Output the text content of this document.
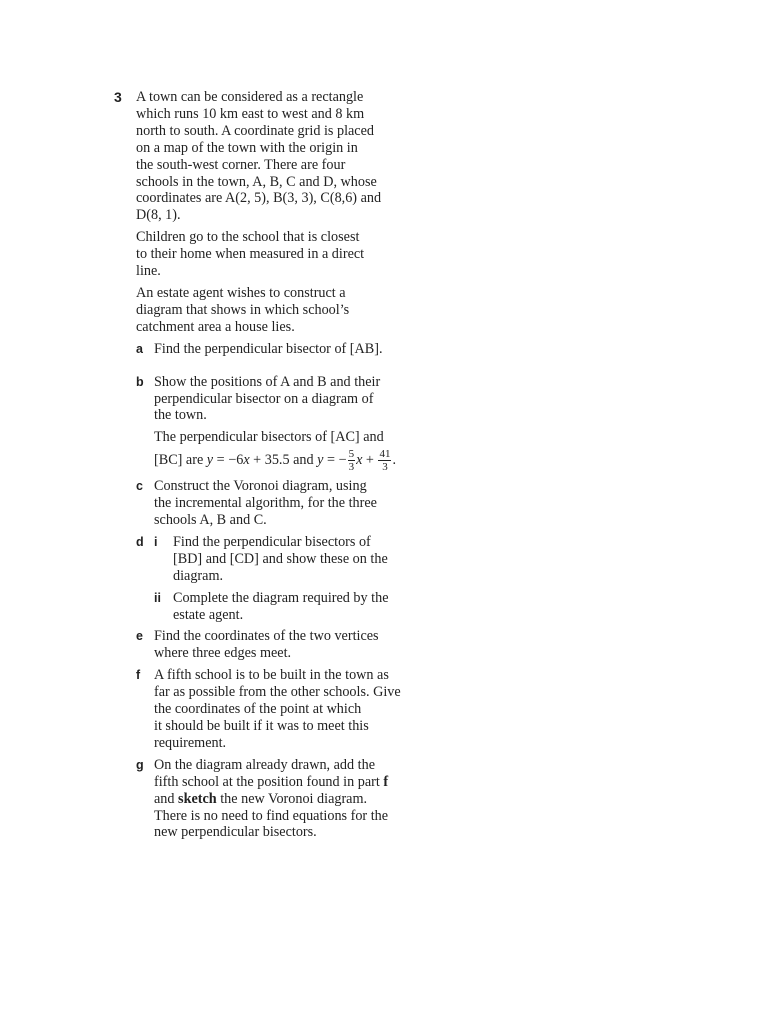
3 A town can be considered as a rectangle
which runs 10 km east to west and 8 km
north to south. A coordinate grid is placed
on a map of the town with the origin in
the south-west corner. There are four
schools in the town, A, B, C and D, whose
coordinates are A(2, 5), B(3, 3), C(8,6) and
D(8, 1).
Children go to the school that is closest
to their home when measured in a direct
line.
An estate agent wishes to construct a
diagram that shows in which school’s
catchment area a house lies.
a Find the perpendicular bisector of [AB].
b Show the positions of A and B and their
perpendicular bisector on a diagram of
the town.
The perpendicular bisectors of [AC] and
[BC] are y = −6x + 35.5 and y = − $\frac{5}{3}$ $x + \frac{41}{3}$ .
c Construct the Voronoi diagram, using
the incremental algorithm, for the three
schools A, B and C.
d i Find the perpendicular bisectors of
[BD] and [CD] and show these on the
diagram.
ii Complete the diagram required by the
estate agent.
e Find the coordinates of the two vertices
where three edges meet.
f A fifth school is to be built in the town as
far as possible from the other schools. Give
the coordinates of the point at which
it should be built if it was to meet this
requirement.
g On the diagram already drawn, add the
fifth school at the position found in part f
and sketch the new Voronoi diagram.
There is no need to find equations for the
new perpendicular bisectors.
